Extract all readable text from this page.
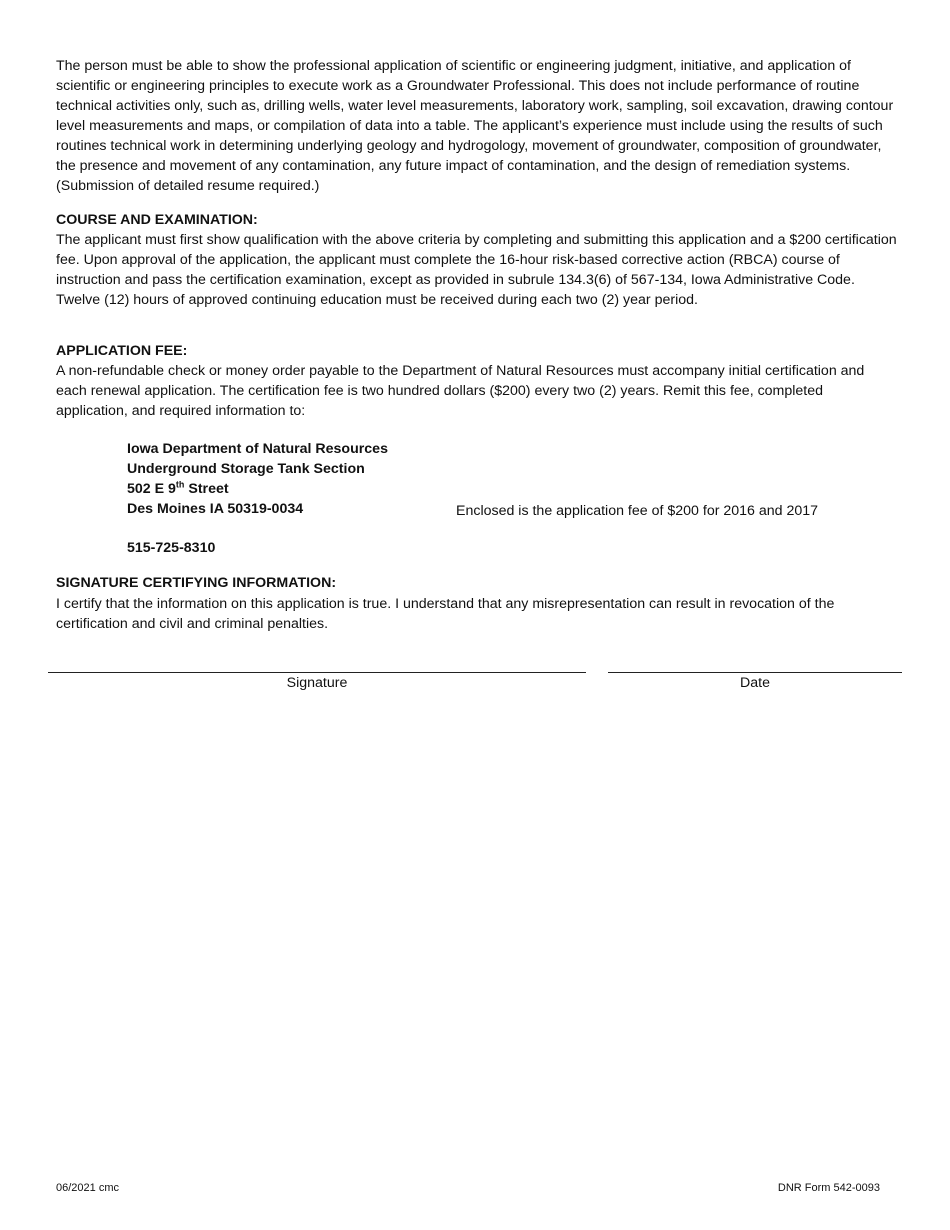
The person must be able to show the professional application of scientific or engineering judgment, initiative, and application of scientific or engineering principles to execute work as a Groundwater Professional. This does not include performance of routine technical activities only, such as, drilling wells, water level measurements, laboratory work, sampling, soil excavation, drawing contour level measurements and maps, or compilation of data into a table. The applicant’s experience must include using the results of such routines technical work in determining underlying geology and hydrogology, movement of groundwater, composition of groundwater, the presence and movement of any contamination, any future impact of contamination, and the design of remediation systems. (Submission of detailed resume required.)

COURSE AND EXAMINATION:

The applicant must first show qualification with the above criteria by completing and submitting this application and a $200 certification fee. Upon approval of the application, the applicant must complete the 16-hour risk-based corrective action (RBCA) course of instruction and pass the certification examination, except as provided in subrule 134.3(6) of 567-134, Iowa Administrative Code. Twelve (12) hours of approved continuing education must be received during each two (2) year period.

APPLICATION FEE:

A non-refundable check or money order payable to the Department of Natural Resources must accompany initial certification and each renewal application. The certification fee is two hundred dollars ($200) every two (2) years. Remit this fee, completed application, and required information to:

Iowa Department of Natural Resources
Underground Storage Tank Section
502 E 9th Street
Des Moines IA 50319-0034	Enclosed is the application fee of $200 for 2016 and 2017
515-725-8310

SIGNATURE CERTIFYING INFORMATION:

I certify that the information on this application is true. I understand that any misrepresentation can result in revocation of the certification and civil and criminal penalties.

Signature	Date
06/2021 cmc	DNR Form 542-0093
